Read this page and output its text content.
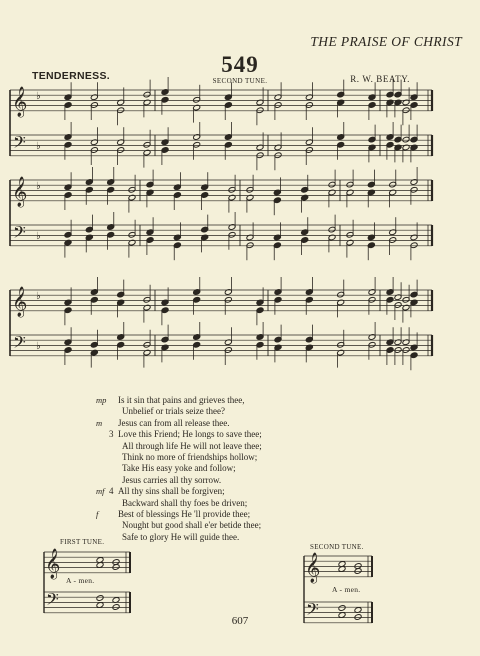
THE PRAISE OF CHRIST
549
TENDERNESS.	SECOND TUNE.	R. W. BEATY.
𝄞
𝄢
♭
♭
𝄞
𝄢
♭
♭
𝄞
𝄢
♭
♭
𝄞
𝄢
𝄞
𝄢
Is it sin that pains and grieves thee,
mp
Unbelief or trials seize thee?
Jesus can from all release thee.
m
Love this Friend; He longs to save thee;
3
All through life He will not leave thee;
Think no more of friendships hollow;
Take His easy yoke and follow;
Jesus carries all thy sorrow.
All thy sins shall be forgiven;
4
mf
Backward shall thy foes be driven;
Best of blessings He 'll provide thee;
f
Nought but good shall e'er betide thee;
Safe to glory He will guide thee.
FIRST TUNE.
SECOND TUNE.
A - men.
A - men.
607
